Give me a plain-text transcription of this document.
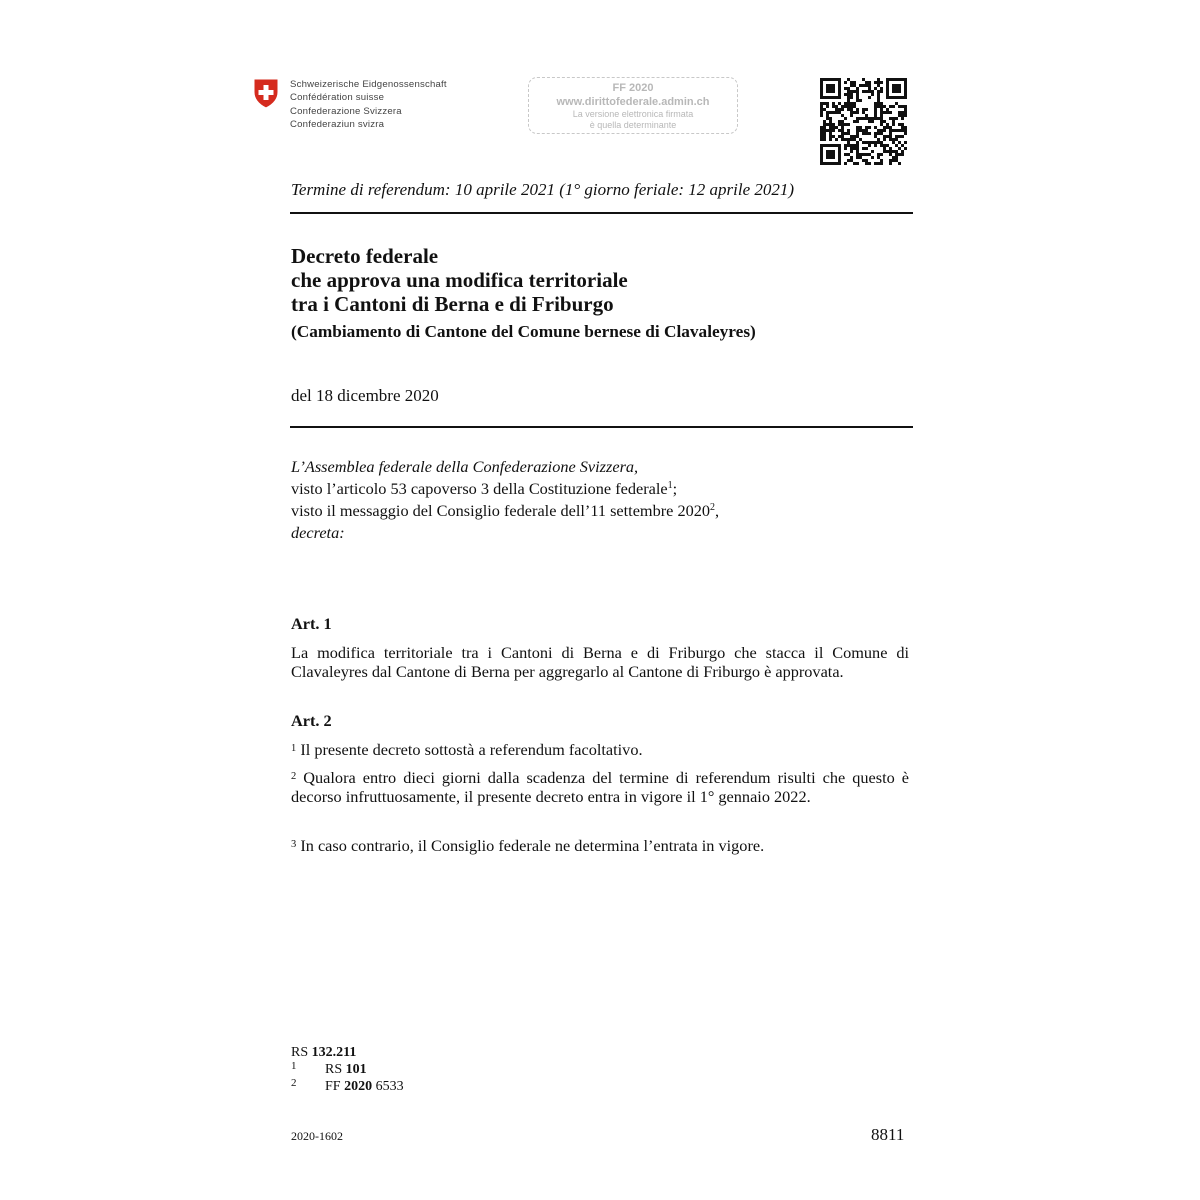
Schweizerische Eidgenossenschaft
Confédération suisse
Confederazione Svizzera
Confederaziun svizra
FF 2020
www.dirittofederale.admin.ch
La versione elettronica firmata
è quella determinante
Termine di referendum: 10 aprile 2021 (1° giorno feriale: 12 aprile 2021)
Decreto federale
che approva una modifica territoriale
tra i Cantoni di Berna e di Friburgo
(Cambiamento di Cantone del Comune bernese di Clavaleyres)
del 18 dicembre 2020
L’Assemblea federale della Confederazione Svizzera,
visto l’articolo 53 capoverso 3 della Costituzione federale$^1$;
visto il messaggio del Consiglio federale dell’11 settembre 2020$^2$,
decreta:
Art. 1
La modifica territoriale tra i Cantoni di Berna e di Friburgo che stacca il Comune di Clavaleyres dal Cantone di Berna per aggregarlo al Cantone di Friburgo è approvata.
Art. 2
$^1$ Il presente decreto sottostà a referendum facoltativo.
$^2$ Qualora entro dieci giorni dalla scadenza del termine di referendum risulti che questo è decorso infruttuosamente, il presente decreto entra in vigore il 1° gennaio 2022.
$^3$ In caso contrario, il Consiglio federale ne determina l’entrata in vigore.
RS 132.211
1	RS 101
2	FF 2020 6533
2020-1602	8811
